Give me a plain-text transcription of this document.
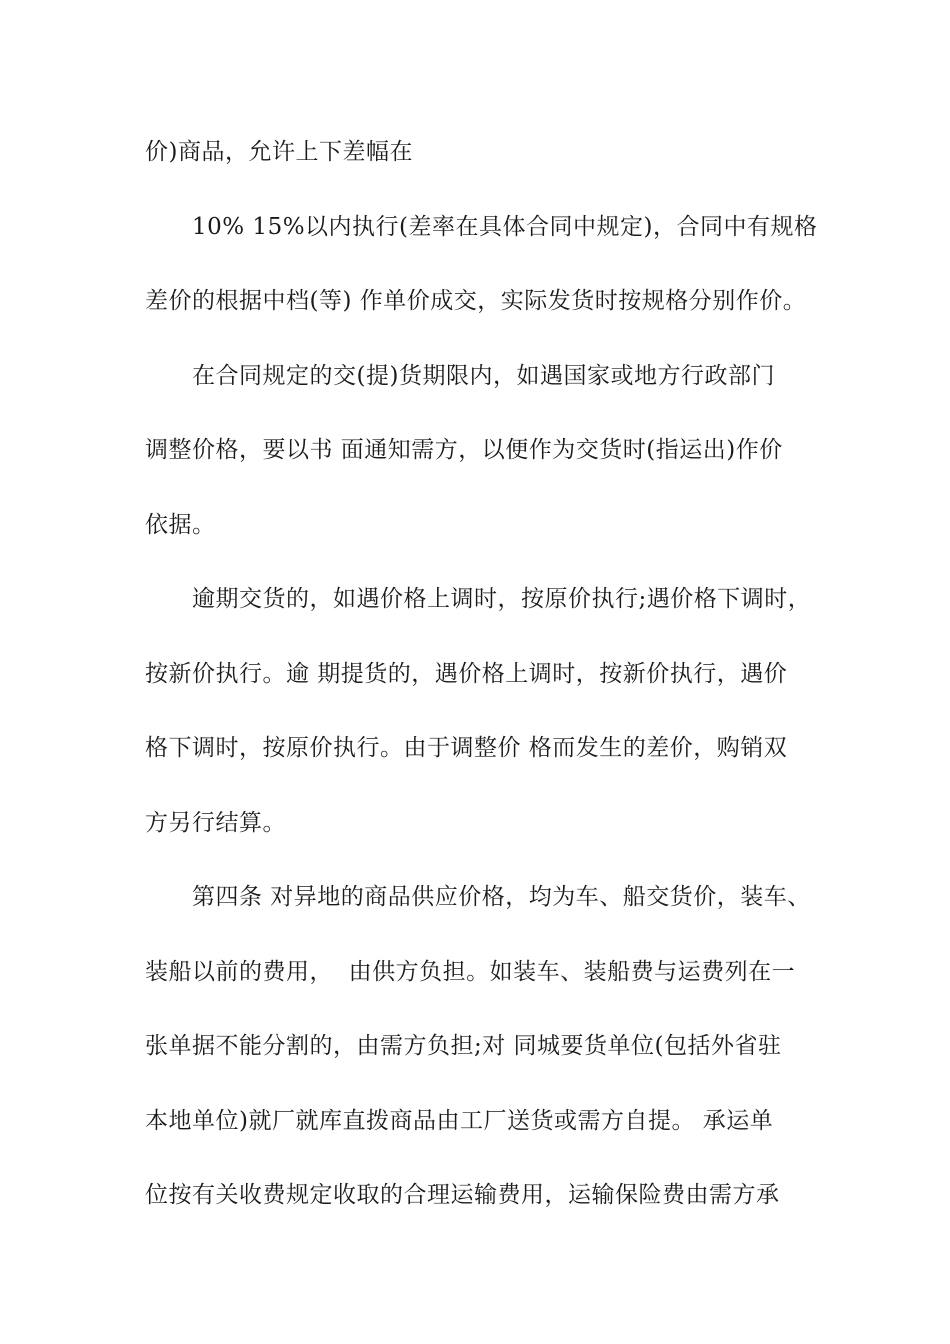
价)商品，允许上下差幅在

10% 15%以内执行(差率在具体合同中规定)，合同中有规格

差价的根据中档(等) 作单价成交，实际发货时按规格分别作价。

在合同规定的交(提)货期限内，如遇国家或地方行政部门

调整价格，要以书 面通知需方，以便作为交货时(指运出)作价

依据。

逾期交货的，如遇价格上调时，按原价执行;遇价格下调时，

按新价执行。逾 期提货的，遇价格上调时，按新价执行，遇价

格下调时，按原价执行。由于调整价 格而发生的差价，购销双

方另行结算。

第四条 对异地的商品供应价格，均为车、船交货价，装车、

装船以前的费用，  由供方负担。如装车、装船费与运费列在一

张单据不能分割的，由需方负担;对 同城要货单位(包括外省驻

本地单位)就厂就库直拨商品由工厂送货或需方自提。 承运单

位按有关收费规定收取的合理运输费用，运输保险费由需方承
